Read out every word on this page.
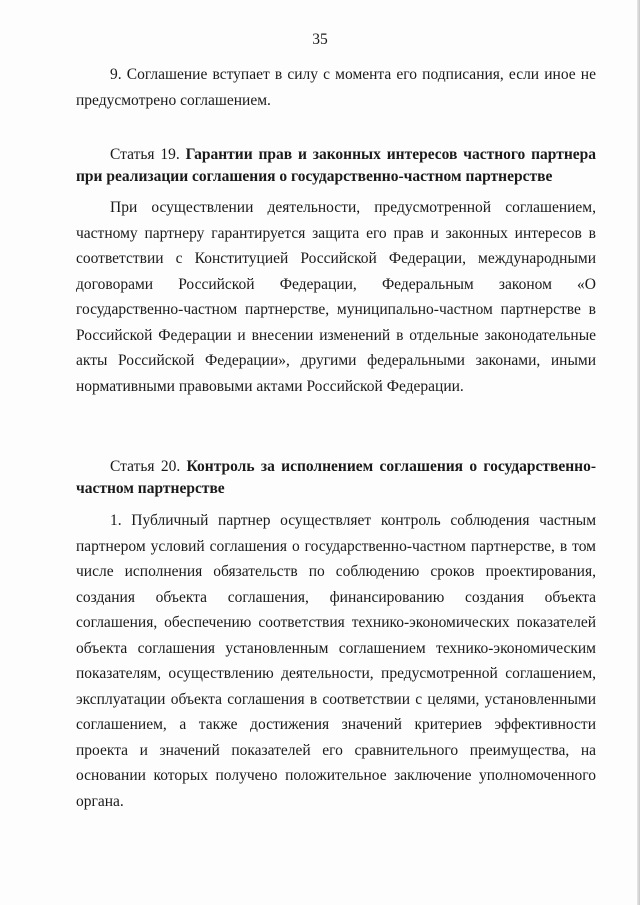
35
9. Соглашение вступает в силу с момента его подписания, если иное не предусмотрено соглашением.
Статья 19. Гарантии прав и законных интересов частного партнера при реализации соглашения о государственно-частном партнерстве
При осуществлении деятельности, предусмотренной соглашением, частному партнеру гарантируется защита его прав и законных интересов в соответствии с Конституцией Российской Федерации, международными договорами Российской Федерации, Федеральным законом «О государственно-частном партнерстве, муниципально-частном партнерстве в Российской Федерации и внесении изменений в отдельные законодательные акты Российской Федерации», другими федеральными законами, иными нормативными правовыми актами Российской Федерации.
Статья 20. Контроль за исполнением соглашения о государственно-частном партнерстве
1. Публичный партнер осуществляет контроль соблюдения частным партнером условий соглашения о государственно-частном партнерстве, в том числе исполнения обязательств по соблюдению сроков проектирования, создания объекта соглашения, финансированию создания объекта соглашения, обеспечению соответствия технико-экономических показателей объекта соглашения установленным соглашением технико-экономическим показателям, осуществлению деятельности, предусмотренной соглашением, эксплуатации объекта соглашения в соответствии с целями, установленными соглашением, а также достижения значений критериев эффективности проекта и значений показателей его сравнительного преимущества, на основании которых получено положительное заключение уполномоченного органа.
